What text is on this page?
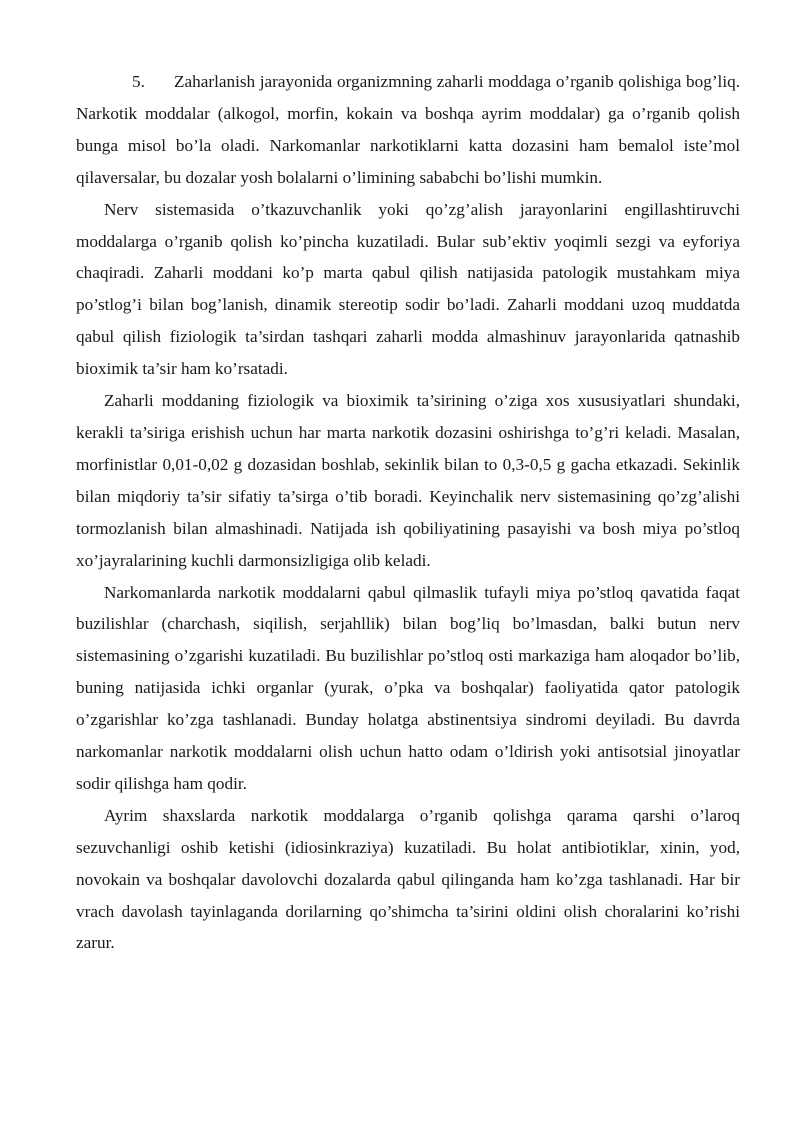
5. Zaharlanish jarayonida organizmning zaharli moddaga o’rganib qolishiga bog’liq. Narkotik moddalar (alkogol, morfin, kokain va boshqa ayrim moddalar) ga o’rganib qolish bunga misol bo’la oladi. Narkomanlar narkotiklarni katta dozasini ham bemalol iste’mol qilaversalar, bu dozalar yosh bolalarni o’limining sababchi bo’lishi mumkin.

Nerv sistemasida o’tkazuvchanlik yoki qo’zg’alish jarayonlarini engillashtiruvchi moddalarga o’rganib qolish ko’pincha kuzatiladi. Bular sub’ektiv yoqimli sezgi va eyforiya chaqiradi. Zaharli moddani ko’p marta qabul qilish natijasida patologik mustahkam miya po’stlog’i bilan bog’lanish, dinamik stereotip sodir bo’ladi. Zaharli moddani uzoq muddatda qabul qilish fiziologik ta’sirdan tashqari zaharli modda almashinuv jarayonlarida qatnashib bioximik ta’sir ham ko’rsatadi.

Zaharli moddaning fiziologik va bioximik ta’sirining o’ziga xos xususiyatlari shundaki, kerakli ta’siriga erishish uchun har marta narkotik dozasini oshirishga to’g’ri keladi. Masalan, morfinistlar 0,01-0,02 g dozasidan boshlab, sekinlik bilan to 0,3-0,5 g gacha etkazadi. Sekinlik bilan miqdoriy ta’sir sifatiy ta’sirga o’tib boradi. Keyinchalik nerv sistemasining qo’zg’alishi tormozlanish bilan almashinadi. Natijada ish qobiliyatining pasayishi va bosh miya po’stloq xo’jayralarining kuchli darmonsizligiga olib keladi.

Narkomanlarda narkotik moddalarni qabul qilmaslik tufayli miya po’stloq qavatida faqat buzilishlar (charchash, siqilish, serjahllik) bilan bog’liq bo’lmasdan, balki butun nerv sistemasining o’zgarishi kuzatiladi. Bu buzilishlar po’stloq osti markaziga ham aloqador bo’lib, buning natijasida ichki organlar (yurak, o’pka va boshqalar) faoliyatida qator patologik o’zgarishlar ko’zga tashlanadi. Bunday holatga abstinentsiya sindromi deyiladi. Bu davrda narkomanlar narkotik moddalarni olish uchun hatto odam o’ldirish yoki antisotsial jinoyatlar sodir qilishga ham qodir.

Ayrim shaxslarda narkotik moddalarga o’rganib qolishga qarama qarshi o’laroq sezuvchanligi oshib ketishi (idiosinkraziya) kuzatiladi. Bu holat antibiotiklar, xinin, yod, novokain va boshqalar davolovchi dozalarda qabul qilinganda ham ko’zga tashlanadi. Har bir vrach davolash tayinlaganda dorilarning qo’shimcha ta’sirini oldini olish choralarini ko’rishi zarur.
